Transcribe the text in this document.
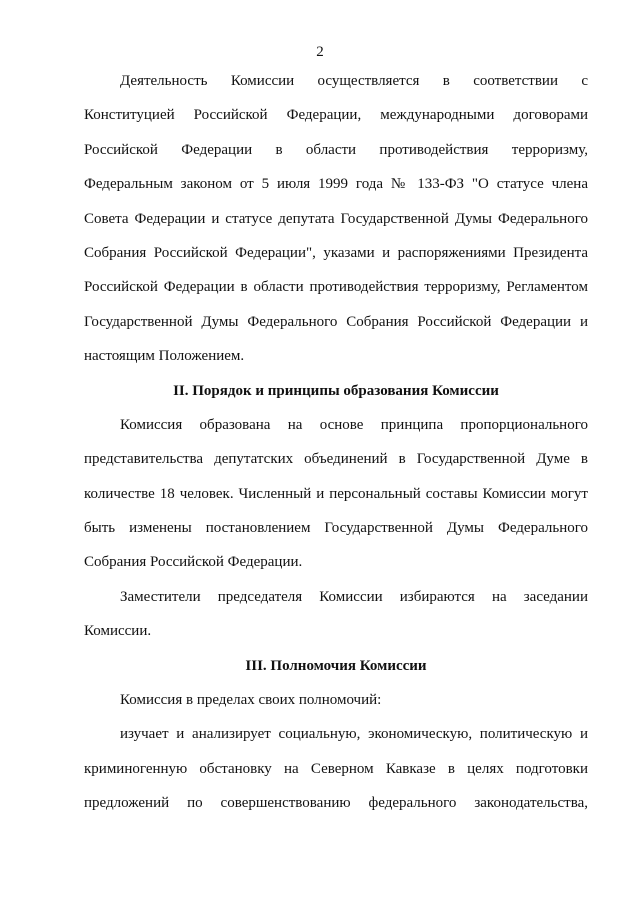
2
Деятельность Комиссии осуществляется в соответствии с
Конституцией Российской Федерации, международными договорами
Российской Федерации в области противодействия терроризму,
Федеральным законом от 5 июля 1999 года № 133-ФЗ "О статусе члена
Совета Федерации и статусе депутата Государственной Думы Федерального
Собрания Российской Федерации", указами и распоряжениями Президента
Российской Федерации в области противодействия терроризму, Регламентом
Государственной Думы Федерального Собрания Российской Федерации и
настоящим Положением.
II. Порядок и принципы образования Комиссии
Комиссия образована на основе принципа пропорционального
представительства депутатских объединений в Государственной Думе в
количестве 18 человек. Численный и персональный составы Комиссии могут
быть изменены постановлением Государственной Думы Федерального
Собрания Российской Федерации.
Заместители председателя Комиссии избираются на заседании
Комиссии.
III. Полномочия Комиссии
Комиссия в пределах своих полномочий:
изучает и анализирует социальную, экономическую, политическую и
криминогенную обстановку на Северном Кавказе в целях подготовки
предложений по совершенствованию федерального законодательства,
